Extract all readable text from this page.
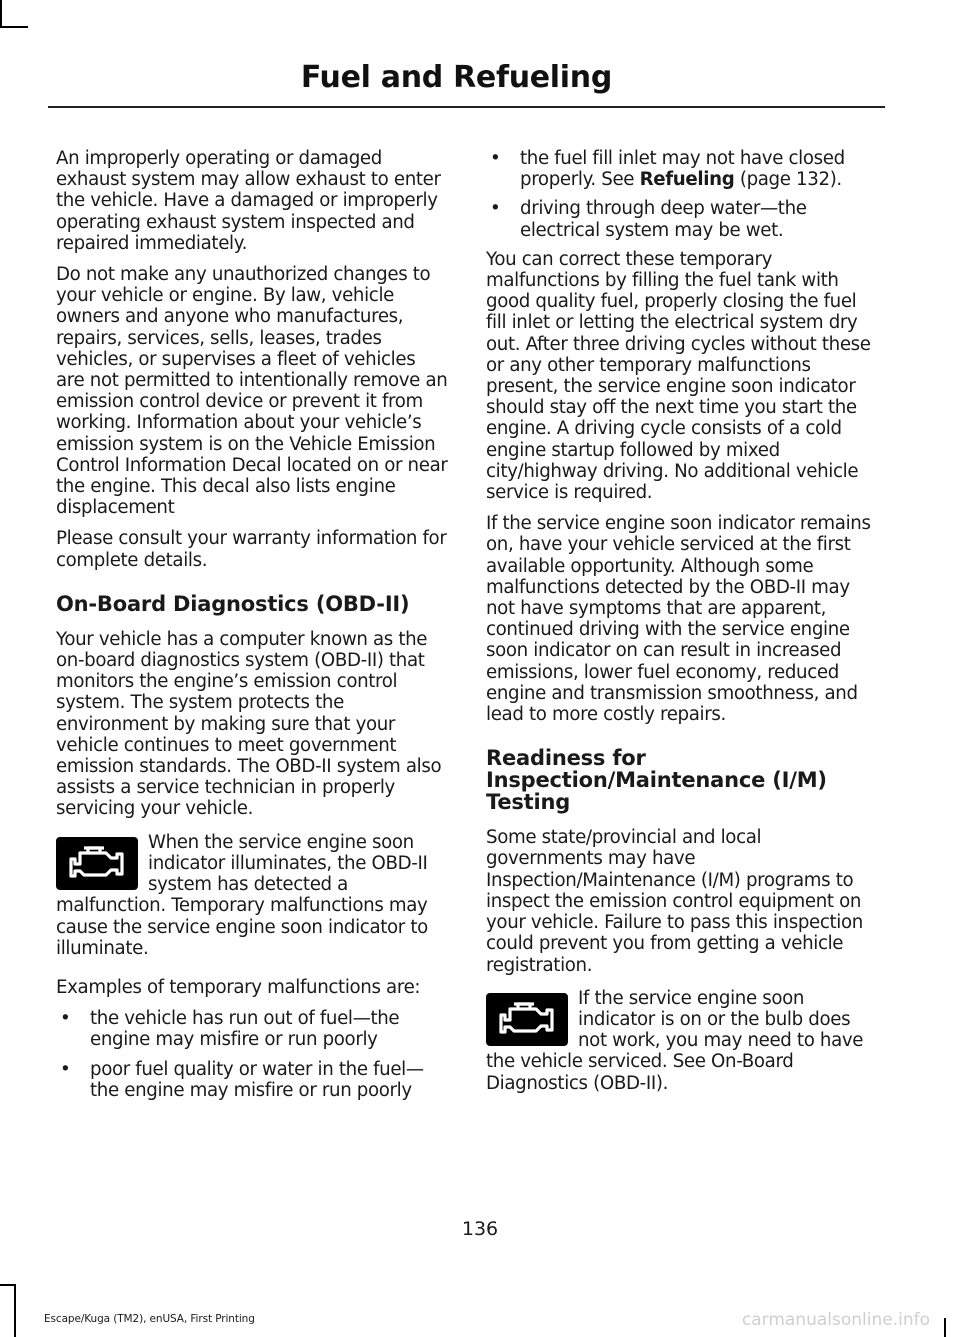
Fuel and Refueling

An improperly operating or damaged exhaust system may allow exhaust to enter the vehicle. Have a damaged or improperly operating exhaust system inspected and repaired immediately.

Do not make any unauthorized changes to your vehicle or engine. By law, vehicle owners and anyone who manufactures, repairs, services, sells, leases, trades vehicles, or supervises a fleet of vehicles are not permitted to intentionally remove an emission control device or prevent it from working. Information about your vehicle’s emission system is on the Vehicle Emission Control Information Decal located on or near the engine. This decal also lists engine displacement

Please consult your warranty information for complete details.

On-Board Diagnostics (OBD-II)

Your vehicle has a computer known as the on-board diagnostics system (OBD-II) that monitors the engine’s emission control system. The system protects the environment by making sure that your vehicle continues to meet government emission standards. The OBD-II system also assists a service technician in properly servicing your vehicle.

When the service engine soon indicator illuminates, the OBD-II system has detected a malfunction. Temporary malfunctions may cause the service engine soon indicator to illuminate.

Examples of temporary malfunctions are:

• the vehicle has run out of fuel—the engine may misfire or run poorly
• poor fuel quality or water in the fuel—the engine may misfire or run poorly
• the fuel fill inlet may not have closed properly. See Refueling (page 132).
• driving through deep water—the electrical system may be wet.

You can correct these temporary malfunctions by filling the fuel tank with good quality fuel, properly closing the fuel fill inlet or letting the electrical system dry out. After three driving cycles without these or any other temporary malfunctions present, the service engine soon indicator should stay off the next time you start the engine. A driving cycle consists of a cold engine startup followed by mixed city/highway driving. No additional vehicle service is required.

If the service engine soon indicator remains on, have your vehicle serviced at the first available opportunity. Although some malfunctions detected by the OBD-II may not have symptoms that are apparent, continued driving with the service engine soon indicator on can result in increased emissions, lower fuel economy, reduced engine and transmission smoothness, and lead to more costly repairs.

Readiness for Inspection/Maintenance (I/M) Testing

Some state/provincial and local governments may have Inspection/Maintenance (I/M) programs to inspect the emission control equipment on your vehicle. Failure to pass this inspection could prevent you from getting a vehicle registration.

If the service engine soon indicator is on or the bulb does not work, you may need to have the vehicle serviced. See On-Board Diagnostics (OBD-II).

136
Escape/Kuga (TM2), enUSA, First Printing	carmanualsonline.info
